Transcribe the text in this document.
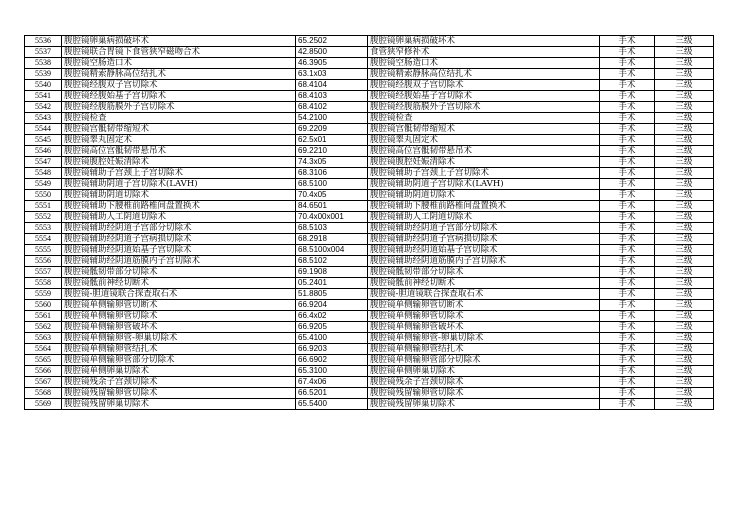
5536	腹腔镜卵巢病损破坏术	65.2502	腹腔镜卵巢病损破坏术	手术	三级
5537	腹腔镜联合胃镜下食管狭窄磁吻合术	42.8500	食管狭窄修补术	手术	三级
5538	腹腔镜空肠造口术	46.3905	腹腔镜空肠造口术	手术	三级
5539	腹腔镜精索静脉高位结扎术	63.1x03	腹腔镜精索静脉高位结扎术	手术	三级
5540	腹腔镜经腹双子宫切除术	68.4104	腹腔镜经腹双子宫切除术	手术	三级
5541	腹腔镜经腹始基子宫切除术	68.4103	腹腔镜经腹始基子宫切除术	手术	三级
5542	腹腔镜经腹筋膜外子宫切除术	68.4102	腹腔镜经腹筋膜外子宫切除术	手术	三级
5543	腹腔镜检查	54.2100	腹腔镜检查	手术	三级
5544	腹腔镜宫骶韧带缩短术	69.2209	腹腔镜宫骶韧带缩短术	手术	三级
5545	腹腔镜睾丸固定术	62.5x01	腹腔镜睾丸固定术	手术	三级
5546	腹腔镜高位宫骶韧带悬吊术	69.2210	腹腔镜高位宫骶韧带悬吊术	手术	三级
5547	腹腔镜腹腔妊娠清除术	74.3x05	腹腔镜腹腔妊娠清除术	手术	三级
5548	腹腔镜辅助子宫颈上子宫切除术	68.3106	腹腔镜辅助子宫颈上子宫切除术	手术	三级
5549	腹腔镜辅助阴道子宫切除术(LAVH)	68.5100	腹腔镜辅助阴道子宫切除术(LAVH)	手术	三级
5550	腹腔镜辅助阴道切除术	70.4x05	腹腔镜辅助阴道切除术	手术	三级
5551	腹腔镜辅助下腰椎前路椎间盘置换术	84.6501	腹腔镜辅助下腰椎前路椎间盘置换术	手术	三级
5552	腹腔镜辅助人工阴道切除术	70.4x00x001	腹腔镜辅助人工阴道切除术	手术	三级
5553	腹腔镜辅助经阴道子宫部分切除术	68.5103	腹腔镜辅助经阴道子宫部分切除术	手术	三级
5554	腹腔镜辅助经阴道子宫病损切除术	68.2918	腹腔镜辅助经阴道子宫病损切除术	手术	三级
5555	腹腔镜辅助经阴道始基子宫切除术	68.5100x004	腹腔镜辅助经阴道始基子宫切除术	手术	三级
5556	腹腔镜辅助经阴道筋膜内子宫切除术	68.5102	腹腔镜辅助经阴道筋膜内子宫切除术	手术	三级
5557	腹腔镜骶韧带部分切除术	69.1908	腹腔镜骶韧带部分切除术	手术	三级
5558	腹腔镜骶前神经切断术	05.2401	腹腔镜骶前神经切断术	手术	三级
5559	腹腔镜-胆道镜联合探查取石术	51.8805	腹腔镜-胆道镜联合探查取石术	手术	三级
5560	腹腔镜单侧输卵管切断术	66.9204	腹腔镜单侧输卵管切断术	手术	三级
5561	腹腔镜单侧输卵管切除术	66.4x02	腹腔镜单侧输卵管切除术	手术	三级
5562	腹腔镜单侧输卵管破坏术	66.9205	腹腔镜单侧输卵管破坏术	手术	三级
5563	腹腔镜单侧输卵管-卵巢切除术	65.4100	腹腔镜单侧输卵管-卵巢切除术	手术	三级
5564	腹腔镜单侧输卵管结扎术	66.9203	腹腔镜单侧输卵管结扎术	手术	三级
5565	腹腔镜单侧输卵管部分切除术	66.6902	腹腔镜单侧输卵管部分切除术	手术	三级
5566	腹腔镜单侧卵巢切除术	65.3100	腹腔镜单侧卵巢切除术	手术	三级
5567	腹腔镜残余子宫颈切除术	67.4x06	腹腔镜残余子宫颈切除术	手术	三级
5568	腹腔镜残留输卵管切除术	66.5201	腹腔镜残留输卵管切除术	手术	三级
5569	腹腔镜残留卵巢切除术	65.5400	腹腔镜残留卵巢切除术	手术	三级
